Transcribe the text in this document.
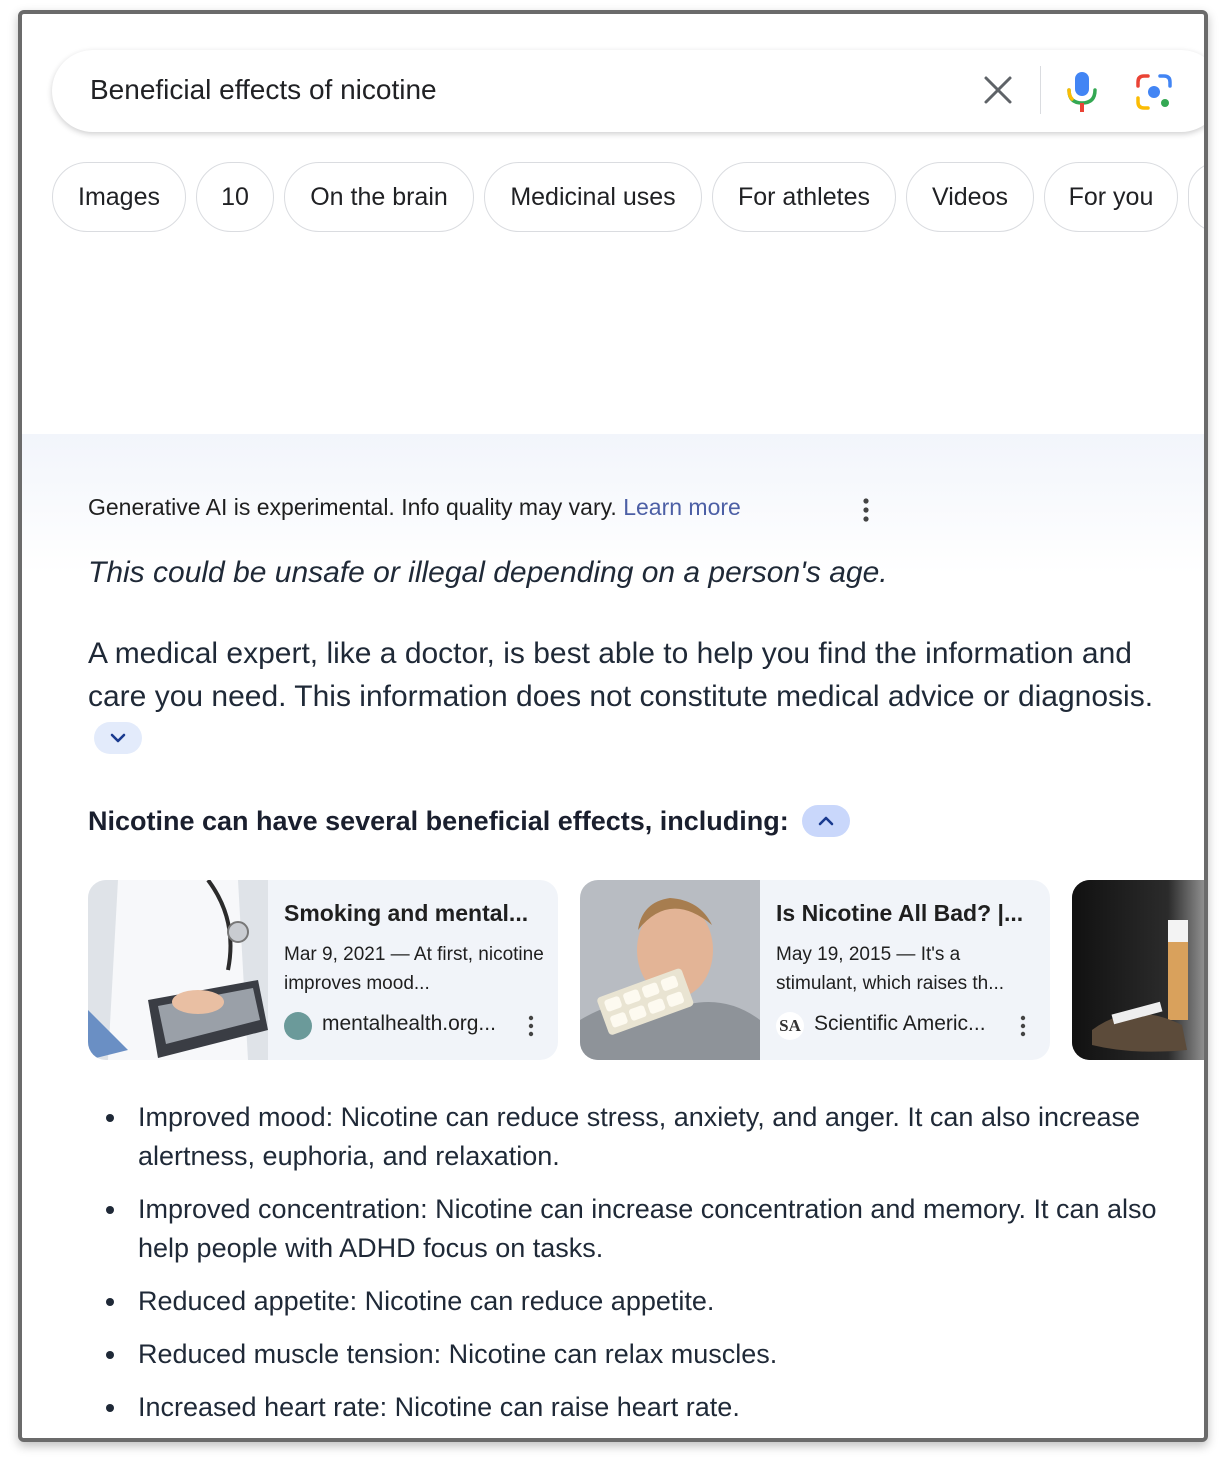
Beneficial effects of nicotine
Images	10	On the brain	Medicinal uses	For athletes	Videos	For you
Generative AI is experimental. Info quality may vary. Learn more
This could be unsafe or illegal depending on a person's age.
A medical expert, like a doctor, is best able to help you find the information and care you need. This information does not constitute medical advice or diagnosis.
Nicotine can have several beneficial effects, including:
Smoking and mental...
Mar 9, 2021 — At first, nicotine improves mood...
mentalhealth.org...
Is Nicotine All Bad? |...
May 19, 2015 — It's a stimulant, which raises th...
SA Scientific Americ...
Improved mood: Nicotine can reduce stress, anxiety, and anger. It can also increase alertness, euphoria, and relaxation.
Improved concentration: Nicotine can increase concentration and memory. It can also help people with ADHD focus on tasks.
Reduced appetite: Nicotine can reduce appetite.
Reduced muscle tension: Nicotine can relax muscles.
Increased heart rate: Nicotine can raise heart rate.
